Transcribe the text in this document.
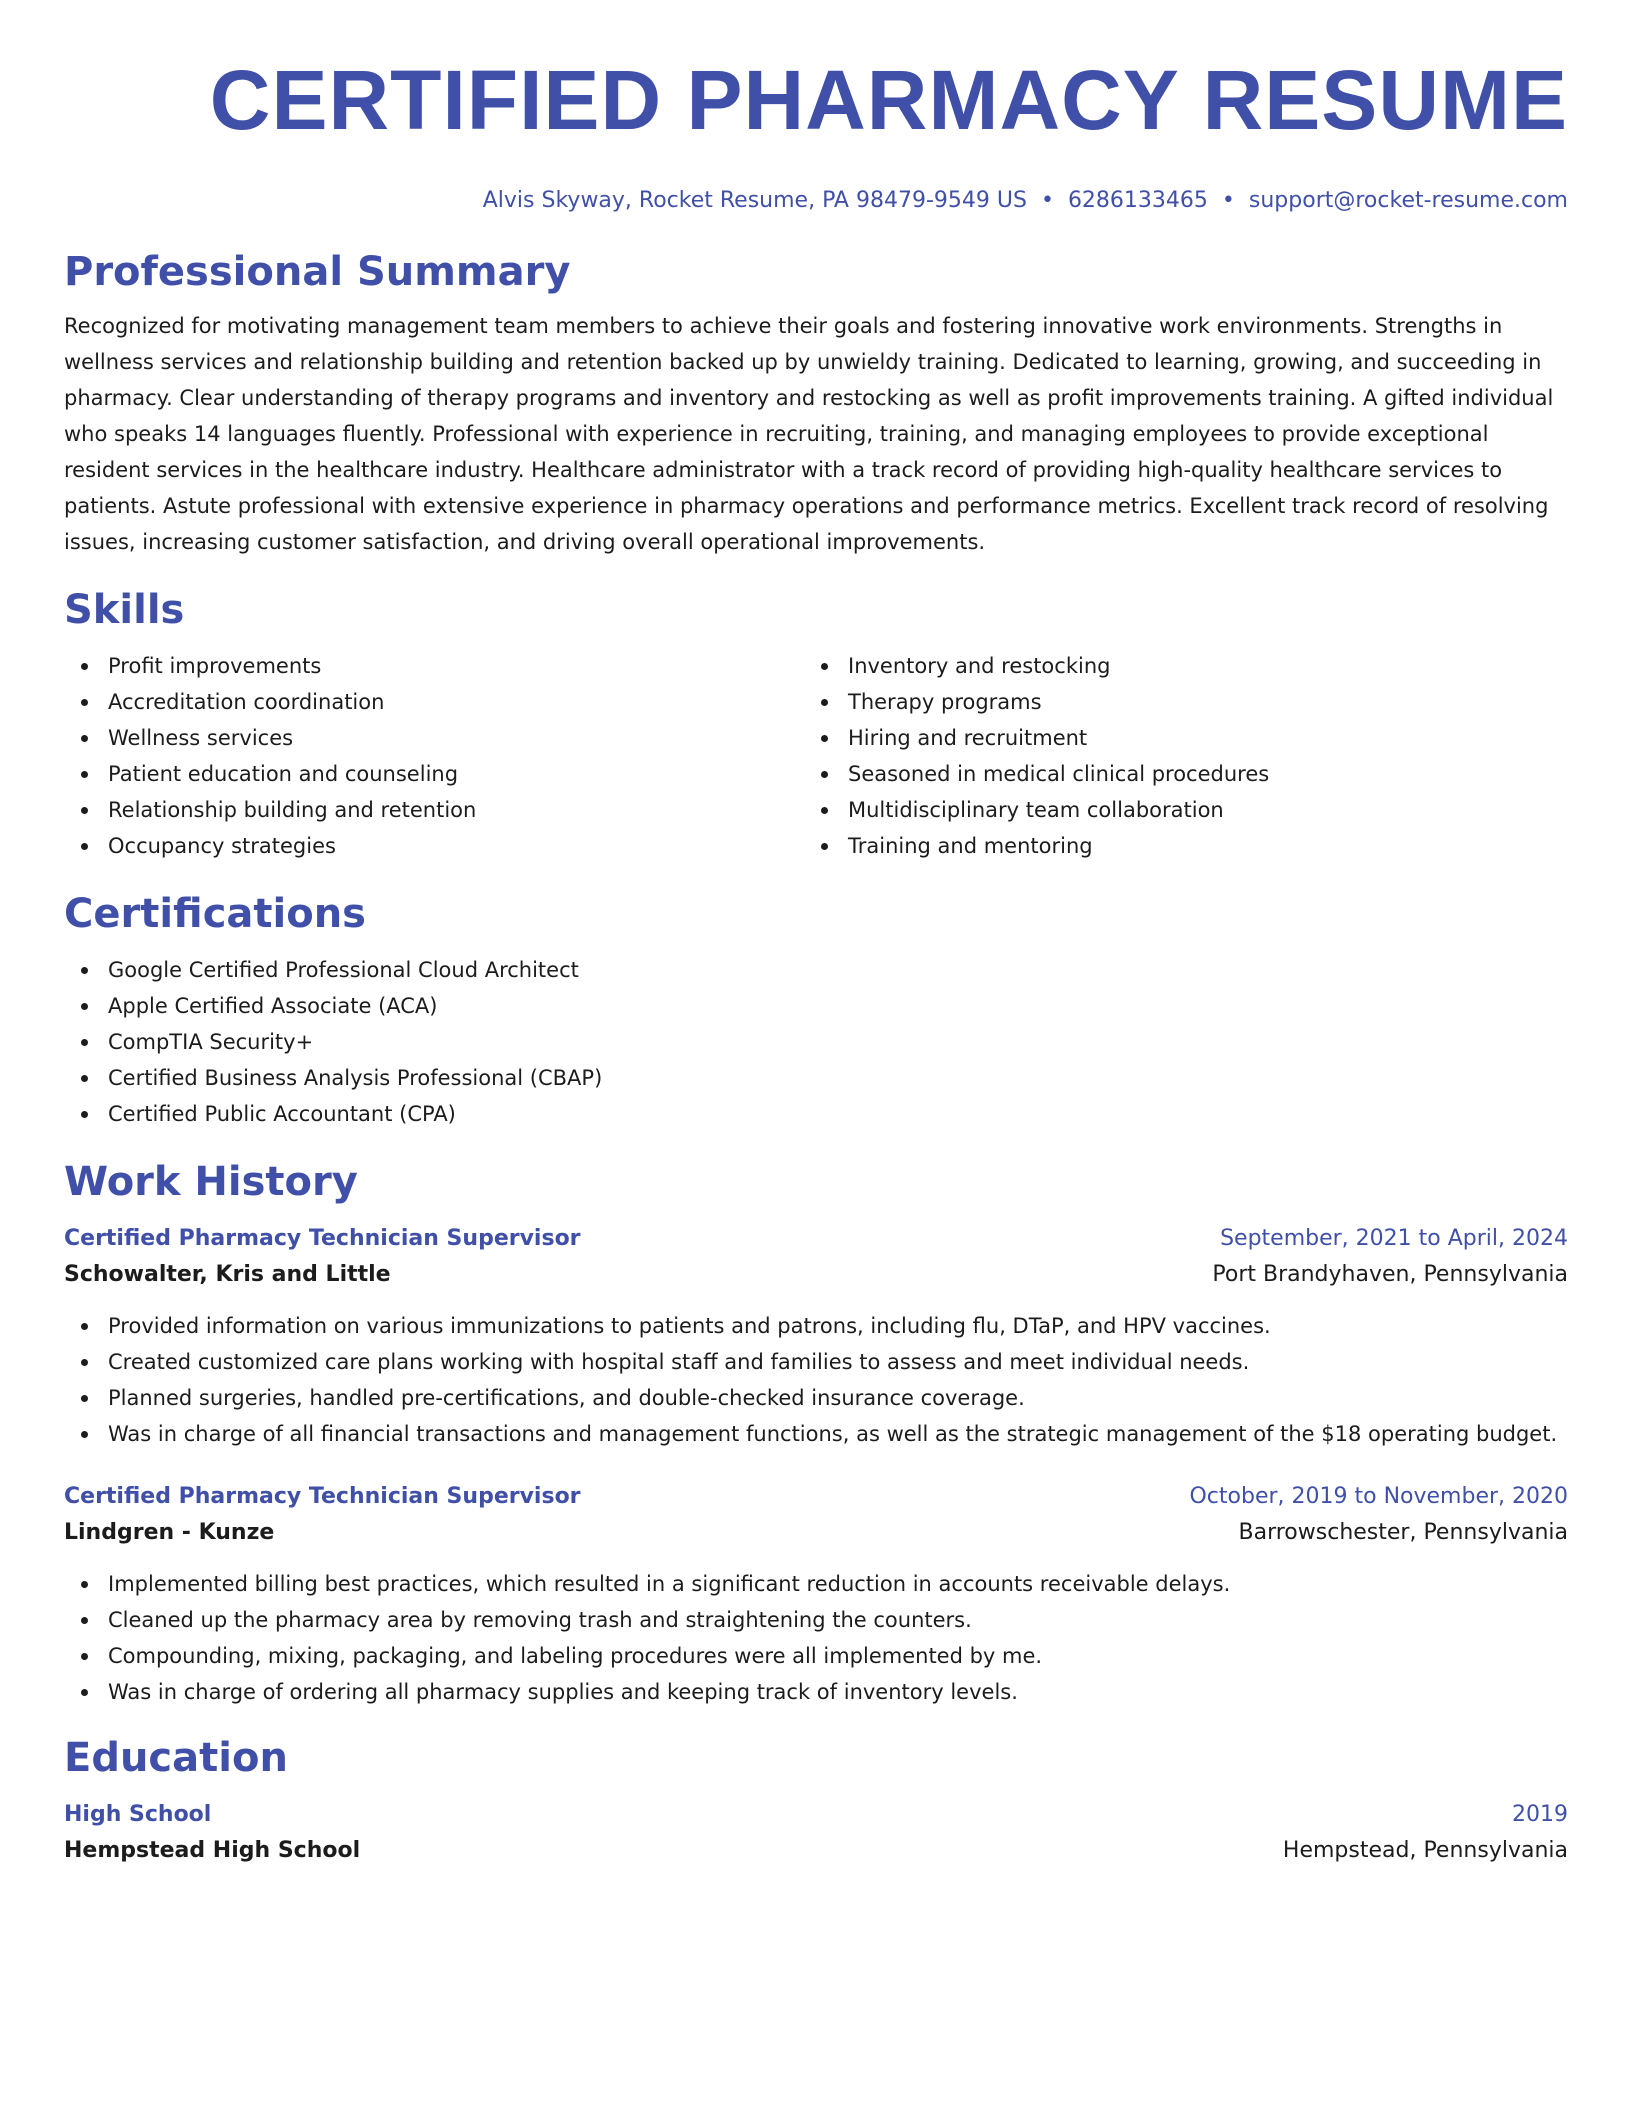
CERTIFIED PHARMACY RESUME
Alvis Skyway, Rocket Resume, PA 98479-9549 US • 6286133465 • support@rocket-resume.com
Professional Summary
Recognized for motivating management team members to achieve their goals and fostering innovative work environments. Strengths in wellness services and relationship building and retention backed up by unwieldy training. Dedicated to learning, growing, and succeeding in pharmacy. Clear understanding of therapy programs and inventory and restocking as well as profit improvements training. A gifted individual who speaks 14 languages fluently. Professional with experience in recruiting, training, and managing employees to provide exceptional resident services in the healthcare industry. Healthcare administrator with a track record of providing high-quality healthcare services to patients. Astute professional with extensive experience in pharmacy operations and performance metrics. Excellent track record of resolving issues, increasing customer satisfaction, and driving overall operational improvements.
Skills
Profit improvements
Accreditation coordination
Wellness services
Patient education and counseling
Relationship building and retention
Occupancy strategies
Inventory and restocking
Therapy programs
Hiring and recruitment
Seasoned in medical clinical procedures
Multidisciplinary team collaboration
Training and mentoring
Certifications
Google Certified Professional Cloud Architect
Apple Certified Associate (ACA)
CompTIA Security+
Certified Business Analysis Professional (CBAP)
Certified Public Accountant (CPA)
Work History
Certified Pharmacy Technician Supervisor	September, 2021 to April, 2024
Schowalter, Kris and Little	Port Brandyhaven, Pennsylvania
Provided information on various immunizations to patients and patrons, including flu, DTaP, and HPV vaccines.
Created customized care plans working with hospital staff and families to assess and meet individual needs.
Planned surgeries, handled pre-certifications, and double-checked insurance coverage.
Was in charge of all financial transactions and management functions, as well as the strategic management of the $18 operating budget.
Certified Pharmacy Technician Supervisor	October, 2019 to November, 2020
Lindgren - Kunze	Barrowschester, Pennsylvania
Implemented billing best practices, which resulted in a significant reduction in accounts receivable delays.
Cleaned up the pharmacy area by removing trash and straightening the counters.
Compounding, mixing, packaging, and labeling procedures were all implemented by me.
Was in charge of ordering all pharmacy supplies and keeping track of inventory levels.
Education
High School	2019
Hempstead High School	Hempstead, Pennsylvania
